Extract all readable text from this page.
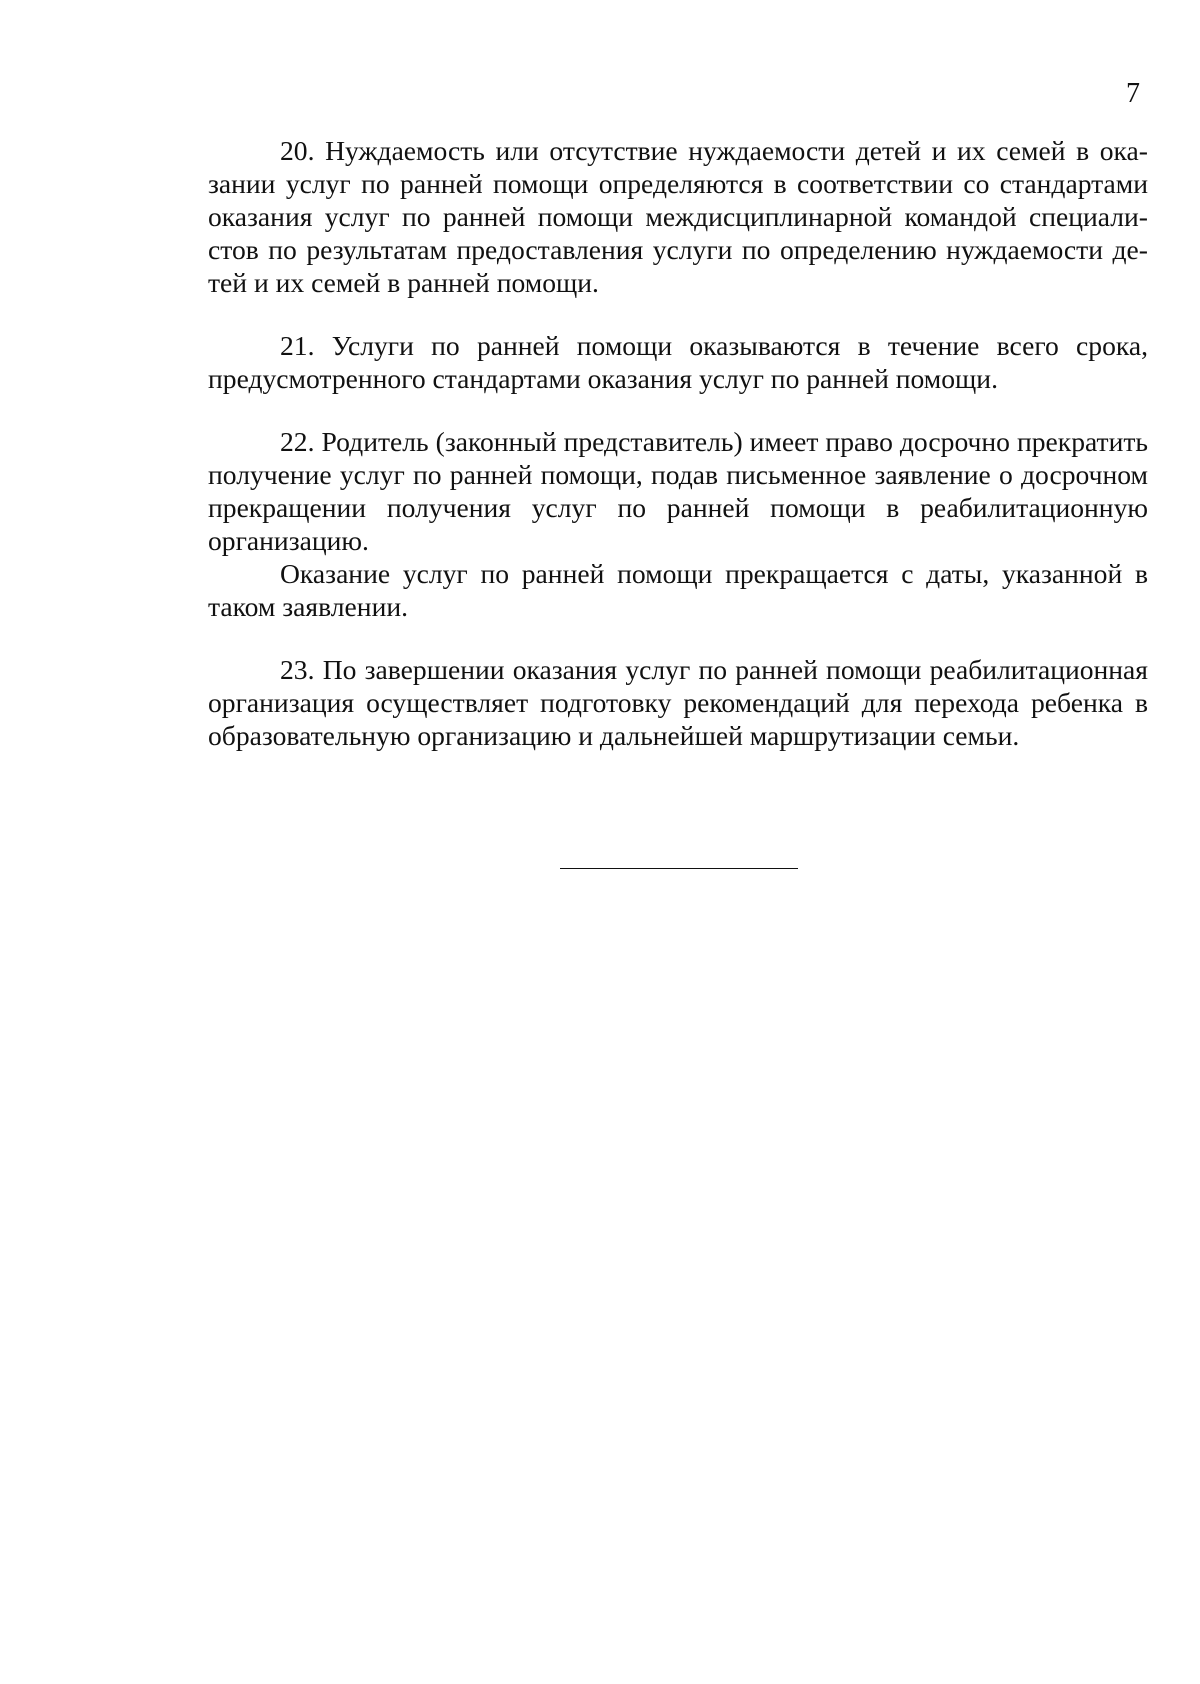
7

20. Нуждаемость или отсутствие нуждаемости детей и их семей в оказании услуг по ранней помощи определяются в соответствии со стандартами оказания услуг по ранней помощи междисциплинарной командой специалистов по результатам предоставления услуги по определению нуждаемости детей и их семей в ранней помощи.

21. Услуги по ранней помощи оказываются в течение всего срока, предусмотренного стандартами оказания услуг по ранней помощи.

22. Родитель (законный представитель) имеет право досрочно прекратить получение услуг по ранней помощи, подав письменное заявление о досрочном прекращении получения услуг по ранней помощи в реабилитационную организацию.

Оказание услуг по ранней помощи прекращается с даты, указанной в таком заявлении.

23. По завершении оказания услуг по ранней помощи реабилитационная организация осуществляет подготовку рекомендаций для перехода ребенка в образовательную организацию и дальнейшей маршрутизации семьи.
